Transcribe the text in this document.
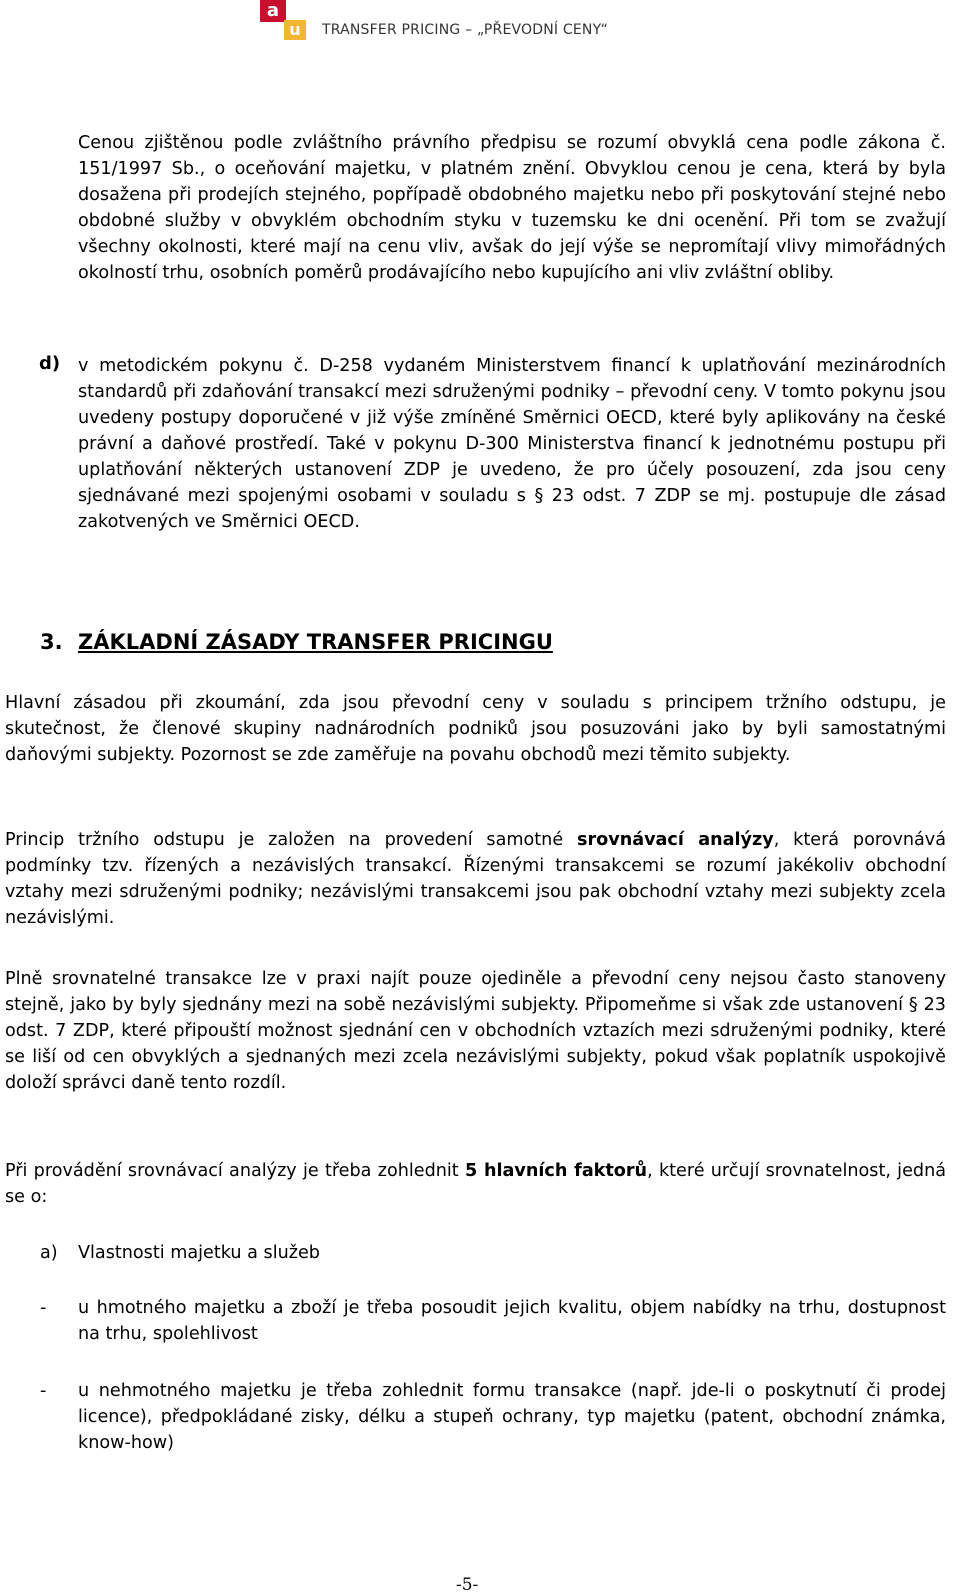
a
u	TRANSFER PRICING – „PŘEVODNÍ CENY“
Cenou zjištěnou podle zvláštního právního předpisu se rozumí obvyklá cena podle zákona č. 151/1997 Sb., o oceňování majetku, v platném znění. Obvyklou cenou je cena, která by byla dosažena při prodejích stejného, popřípadě obdobného majetku nebo při poskytování stejné nebo obdobné služby v obvyklém obchodním styku v tuzemsku ke dni ocenění. Při tom se zvažují všechny okolnosti, které mají na cenu vliv, avšak do její výše se nepromítají vlivy mimořádných okolností trhu, osobních poměrů prodávajícího nebo kupujícího ani vliv zvláštní obliby.
d) v metodickém pokynu č. D-258 vydaném Ministerstvem financí k uplatňování mezinárodních standardů při zdaňování transakcí mezi sdruženými podniky – převodní ceny. V tomto pokynu jsou uvedeny postupy doporučené v již výše zmíněné Směrnici OECD, které byly aplikovány na české právní a daňové prostředí. Také v pokynu D-300 Ministerstva financí k jednotnému postupu při uplatňování některých ustanovení ZDP je uvedeno, že pro účely posouzení, zda jsou ceny sjednávané mezi spojenými osobami v souladu s § 23 odst. 7 ZDP se mj. postupuje dle zásad zakotvených ve Směrnici OECD.
3. ZÁKLADNÍ ZÁSADY TRANSFER PRICINGU
Hlavní zásadou při zkoumání, zda jsou převodní ceny v souladu s principem tržního odstupu, je skutečnost, že členové skupiny nadnárodních podniků jsou posuzováni jako by byli samostatnými daňovými subjekty. Pozornost se zde zaměřuje na povahu obchodů mezi těmito subjekty.
Princip tržního odstupu je založen na provedení samotné srovnávací analýzy, která porovnává podmínky tzv. řízených a nezávislých transakcí. Řízenými transakcemi se rozumí jakékoliv obchodní vztahy mezi sdruženými podniky; nezávislými transakcemi jsou pak obchodní vztahy mezi subjekty zcela nezávislými.
Plně srovnatelné transakce lze v praxi najít pouze ojediněle a převodní ceny nejsou často stanoveny stejně, jako by byly sjednány mezi na sobě nezávislými subjekty. Připomeňme si však zde ustanovení § 23 odst. 7 ZDP, které připouští možnost sjednání cen v obchodních vztazích mezi sdruženými podniky, které se liší od cen obvyklých a sjednaných mezi zcela nezávislými subjekty, pokud však poplatník uspokojivě doloží správci daně tento rozdíl.
Při provádění srovnávací analýzy je třeba zohlednit 5 hlavních faktorů, které určují srovnatelnost, jedná se o:
a) Vlastnosti majetku a služeb
- u hmotného majetku a zboží je třeba posoudit jejich kvalitu, objem nabídky na trhu, dostupnost na trhu, spolehlivost
- u nehmotného majetku je třeba zohlednit formu transakce (např. jde-li o poskytnutí či prodej licence), předpokládané zisky, délku a stupeň ochrany, typ majetku (patent, obchodní známka, know-how)
-5-
